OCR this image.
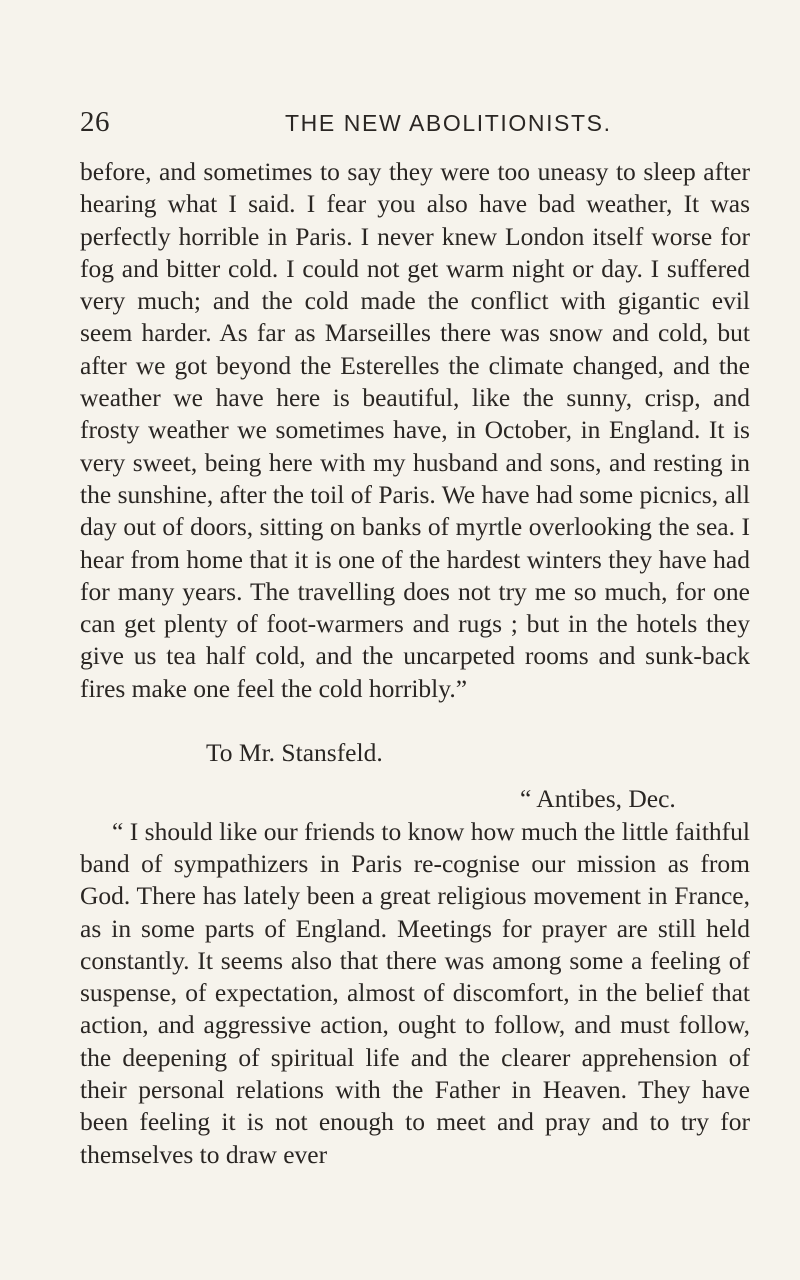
26	THE NEW ABOLITIONISTS.

before, and sometimes to say they were too uneasy to sleep after hearing what I said. I fear you also have bad weather, It was perfectly horrible in Paris. I never knew London itself worse for fog and bitter cold. I could not get warm night or day. I suffered very much; and the cold made the conflict with gigantic evil seem harder. As far as Marseilles there was snow and cold, but after we got beyond the Esterelles the climate changed, and the weather we have here is beautiful, like the sunny, crisp, and frosty weather we sometimes have, in October, in England. It is very sweet, being here with my husband and sons, and resting in the sunshine, after the toil of Paris. We have had some picnics, all day out of doors, sitting on banks of myrtle overlooking the sea. I hear from home that it is one of the hardest winters they have had for many years. The travelling does not try me so much, for one can get plenty of foot-warmers and rugs ; but in the hotels they give us tea half cold, and the uncarpeted rooms and sunk-back fires make one feel the cold horribly.”

To Mr. Stansfeld.

“ Antibes, Dec.

“ I should like our friends to know how much the little faithful band of sympathizers in Paris re-cognise our mission as from God. There has lately been a great religious movement in France, as in some parts of England. Meetings for prayer are still held constantly. It seems also that there was among some a feeling of suspense, of expectation, almost of discomfort, in the belief that action, and aggressive action, ought to follow, and must follow, the deepening of spiritual life and the clearer apprehension of their personal relations with the Father in Heaven. They have been feeling it is not enough to meet and pray and to try for themselves to draw ever
